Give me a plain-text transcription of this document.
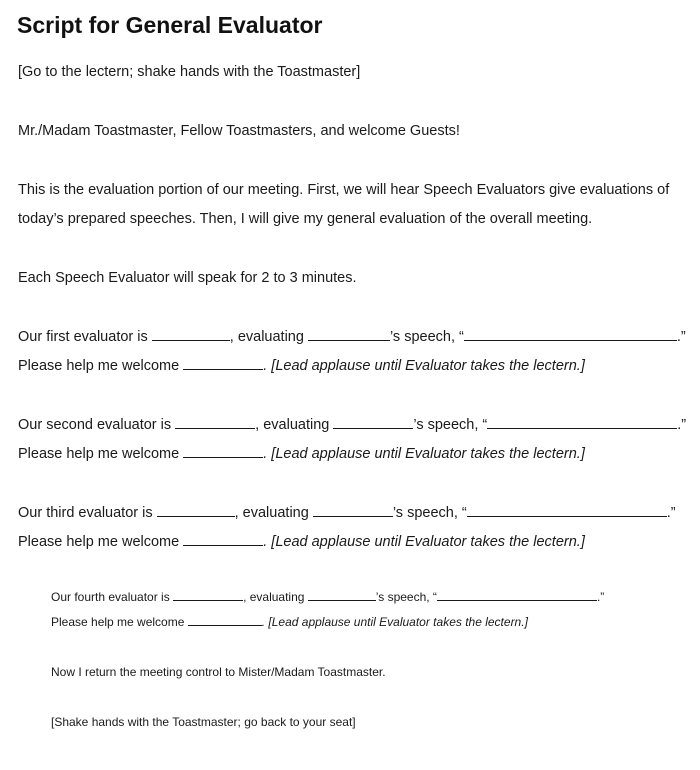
Script for General Evaluator
[Go to the lectern; shake hands with the Toastmaster]
Mr./Madam Toastmaster, Fellow Toastmasters, and welcome Guests!
This is the evaluation portion of our meeting. First, we will hear Speech Evaluators give evaluations of
today’s prepared speeches. Then, I will give my general evaluation of the overall meeting.
Each Speech Evaluator will speak for 2 to 3 minutes.
Our first evaluator is	, evaluating	’s speech, “	.”
Please help me welcome	. [Lead applause until Evaluator takes the lectern.]
Our second evaluator is	, evaluating	’s speech, “	.”
Please help me welcome	. [Lead applause until Evaluator takes the lectern.]
Our third evaluator is	, evaluating	’s speech, “	.”
Please help me welcome	. [Lead applause until Evaluator takes the lectern.]
Our fourth evaluator is	, evaluating	’s speech, “	.”
Please help me welcome	. [Lead applause until Evaluator takes the lectern.]
Now I return the meeting control to Mister/Madam Toastmaster.
[Shake hands with the Toastmaster; go back to your seat]
